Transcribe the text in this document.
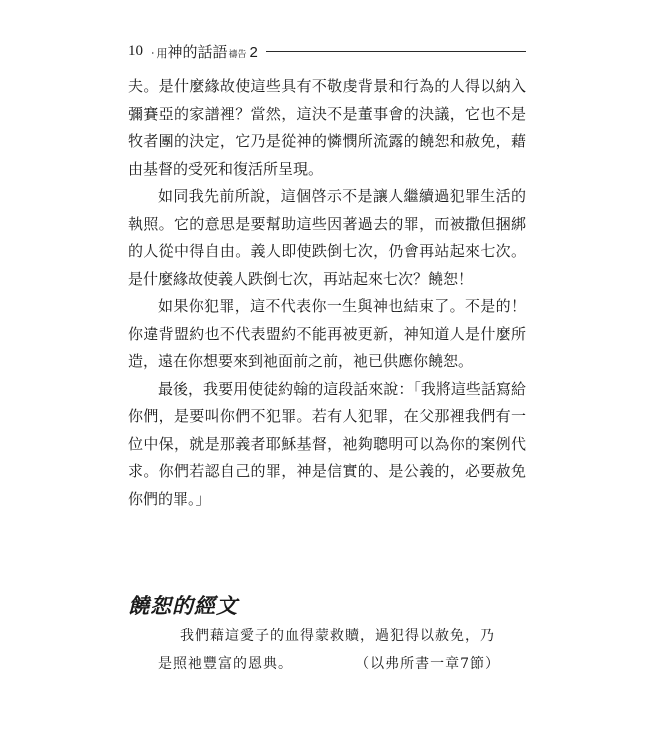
10 ‧ 用 神的話語 禱告 2

夫。是什麼緣故使這些具有不敬虔背景和行為的人得以納入彌賽亞的家譜裡？當然，這決不是董事會的決議，它也不是牧者團的決定，它乃是從神的憐憫所流露的饒恕和赦免，藉由基督的受死和復活所呈現。

如同我先前所說，這個啓示不是讓人繼續過犯罪生活的執照。它的意思是要幫助這些因著過去的罪，而被撒但捆綁的人從中得自由。義人即使跌倒七次，仍會再站起來七次。是什麼緣故使義人跌倒七次，再站起來七次？饒恕！

如果你犯罪，這不代表你一生與神也結束了。不是的！你違背盟約也不代表盟約不能再被更新，神知道人是什麼所造，遠在你想要來到祂面前之前，祂已供應你饒恕。

最後，我要用使徒約翰的這段話來說：「我將這些話寫給你們，是要叫你們不犯罪。若有人犯罪，在父那裡我們有一位中保，就是那義者耶穌基督，祂夠聰明可以為你的案例代求。你們若認自己的罪，神是信實的、是公義的，必要赦免你們的罪。」

饒恕的經文
我們藉這愛子的血得蒙救贖，過犯得以赦免，乃
是照祂豐富的恩典。	（以弗所書一章7節）
